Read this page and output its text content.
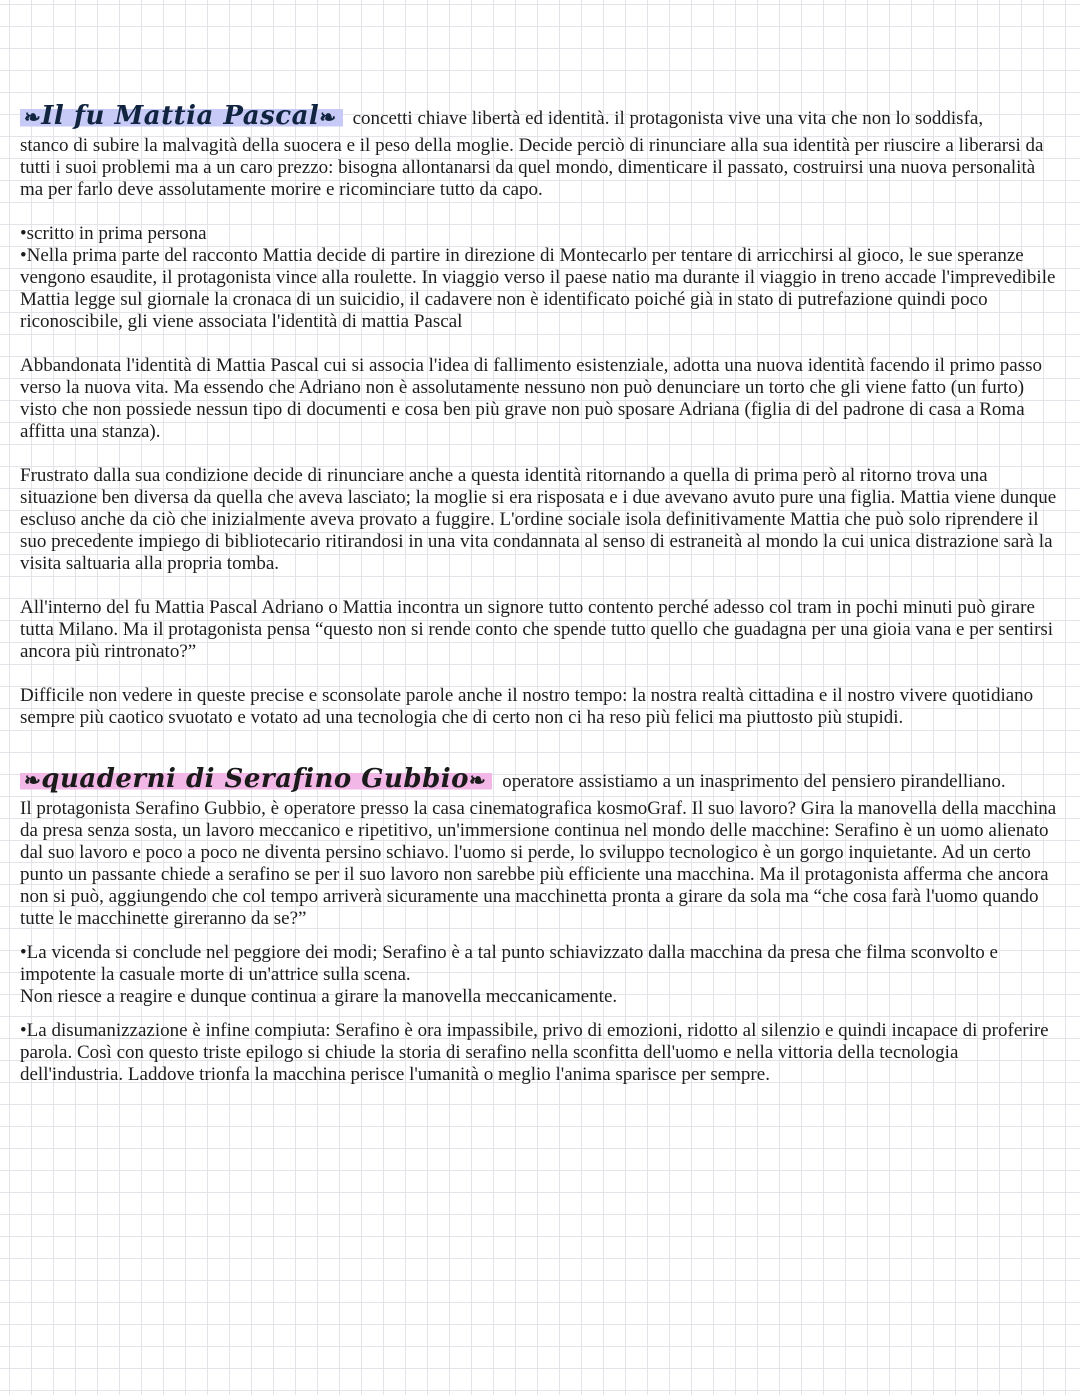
❧Il fu Mattia Pascal❧ concetti chiave libertà ed identità. il protagonista vive una vita che non lo soddisfa,

stanco di subire la malvagità della suocera e il peso della moglie. Decide perciò di rinunciare alla sua identità per riuscire a liberarsi da tutti i suoi problemi ma a un caro prezzo: bisogna allontanarsi da quel mondo, dimenticare il passato, costruirsi una nuova personalità ma per farlo deve assolutamente morire e ricominciare tutto da capo.

•scritto in prima persona

•Nella prima parte del racconto Mattia decide di partire in direzione di Montecarlo per tentare di arricchirsi al gioco, le sue speranze vengono esaudite, il protagonista vince alla roulette. In viaggio verso il paese natio ma durante il viaggio in treno accade l'imprevedibile Mattia legge sul giornale la cronaca di un suicidio, il cadavere non è identificato poiché già in stato di putrefazione quindi poco riconoscibile, gli viene associata l'identità di mattia Pascal

Abbandonata l'identità di Mattia Pascal cui si associa l'idea di fallimento esistenziale, adotta una nuova identità facendo il primo passo verso la nuova vita. Ma essendo che Adriano non è assolutamente nessuno non può denunciare un torto che gli viene fatto (un furto) visto che non possiede nessun tipo di documenti e cosa ben più grave non può sposare Adriana (figlia di del padrone di casa a Roma affitta una stanza).

Frustrato dalla sua condizione decide di rinunciare anche a questa identità ritornando a quella di prima però al ritorno trova una situazione ben diversa da quella che aveva lasciato; la moglie si era risposata e i due avevano avuto pure una figlia. Mattia viene dunque escluso anche da ciò che inizialmente aveva provato a fuggire. L'ordine sociale isola definitivamente Mattia che può solo riprendere il suo precedente impiego di bibliotecario ritirandosi in una vita condannata al senso di estraneità al mondo la cui unica distrazione sarà la visita saltuaria alla propria tomba.

All'interno del fu Mattia Pascal Adriano o Mattia incontra un signore tutto contento perché adesso col tram in pochi minuti può girare tutta Milano. Ma il protagonista pensa “questo non si rende conto che spende tutto quello che guadagna per una gioia vana e per sentirsi ancora più rintronato?”

Difficile non vedere in queste precise e sconsolate parole anche il nostro tempo: la nostra realtà cittadina e il nostro vivere quotidiano sempre più caotico svuotato e votato ad una tecnologia che di certo non ci ha reso più felici ma piuttosto più stupidi.

❧quaderni di Serafino Gubbio❧ operatore assistiamo a un inasprimento del pensiero pirandelliano.

Il protagonista Serafino Gubbio, è operatore presso la casa cinematografica kosmoGraf. Il suo lavoro? Gira la manovella della macchina da presa senza sosta, un lavoro meccanico e ripetitivo, un'immersione continua nel mondo delle macchine: Serafino è un uomo alienato dal suo lavoro e poco a poco ne diventa persino schiavo. l'uomo si perde, lo sviluppo tecnologico è un gorgo inquietante. Ad un certo punto un passante chiede a serafino se per il suo lavoro non sarebbe più efficiente una macchina. Ma il protagonista afferma che ancora non si può, aggiungendo che col tempo arriverà sicuramente una macchinetta pronta a girare da sola ma “che cosa farà l'uomo quando tutte le macchinette gireranno da se?”

•La vicenda si conclude nel peggiore dei modi; Serafino è a tal punto schiavizzato dalla macchina da presa che filma sconvolto e impotente la casuale morte di un'attrice sulla scena.

Non riesce a reagire e dunque continua a girare la manovella meccanicamente.

•La disumanizzazione è infine compiuta: Serafino è ora impassibile, privo di emozioni, ridotto al silenzio e quindi incapace di proferire parola. Così con questo triste epilogo si chiude la storia di serafino nella sconfitta dell'uomo e nella vittoria della tecnologia dell'industria. Laddove trionfa la macchina perisce l'umanità o meglio l'anima sparisce per sempre.
